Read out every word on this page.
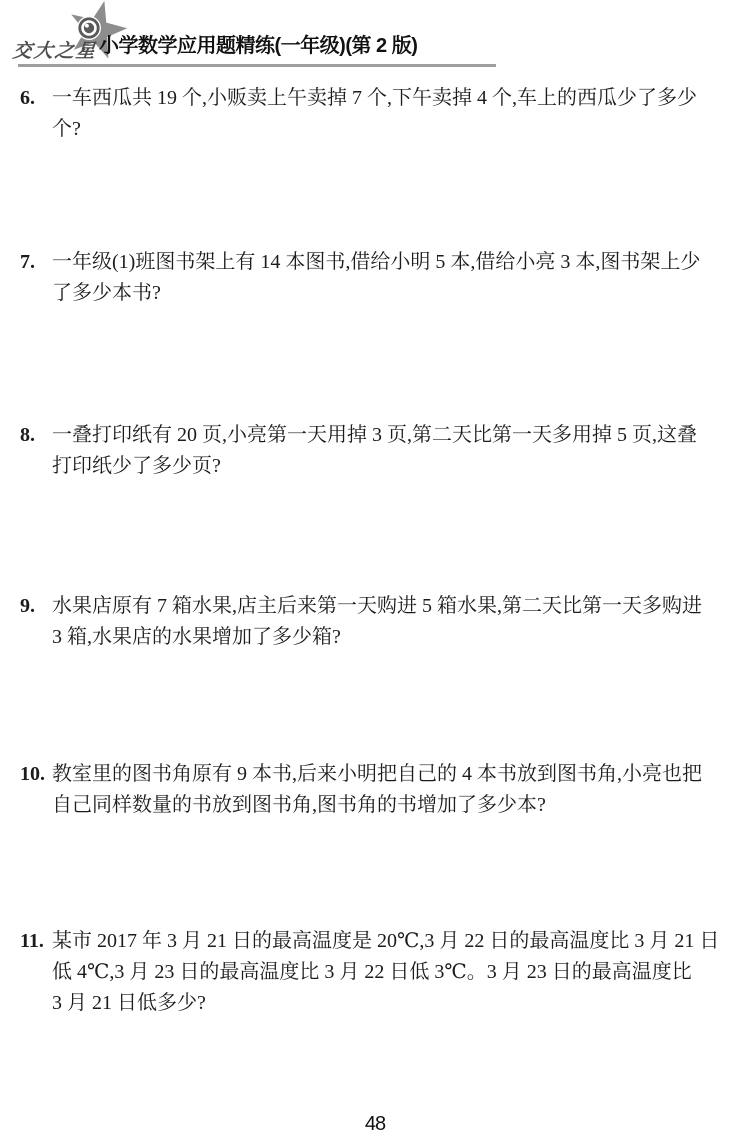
交大之星 小学数学应用题精练(一年级)(第 2 版)
6. 一车西瓜共 19 个,小贩卖上午卖掉 7 个,下午卖掉 4 个,车上的西瓜少了多少
个?
7. 一年级(1)班图书架上有 14 本图书,借给小明 5 本,借给小亮 3 本,图书架上少
了多少本书?
8. 一叠打印纸有 20 页,小亮第一天用掉 3 页,第二天比第一天多用掉 5 页,这叠
打印纸少了多少页?
9. 水果店原有 7 箱水果,店主后来第一天购进 5 箱水果,第二天比第一天多购进
3 箱,水果店的水果增加了多少箱?
10. 教室里的图书角原有 9 本书,后来小明把自己的 4 本书放到图书角,小亮也把
自己同样数量的书放到图书角,图书角的书增加了多少本?
11. 某市 2017 年 3 月 21 日的最高温度是 20℃,3 月 22 日的最高温度比 3 月 21 日
低 4℃,3 月 23 日的最高温度比 3 月 22 日低 3℃。3 月 23 日的最高温度比
3 月 21 日低多少?
48
